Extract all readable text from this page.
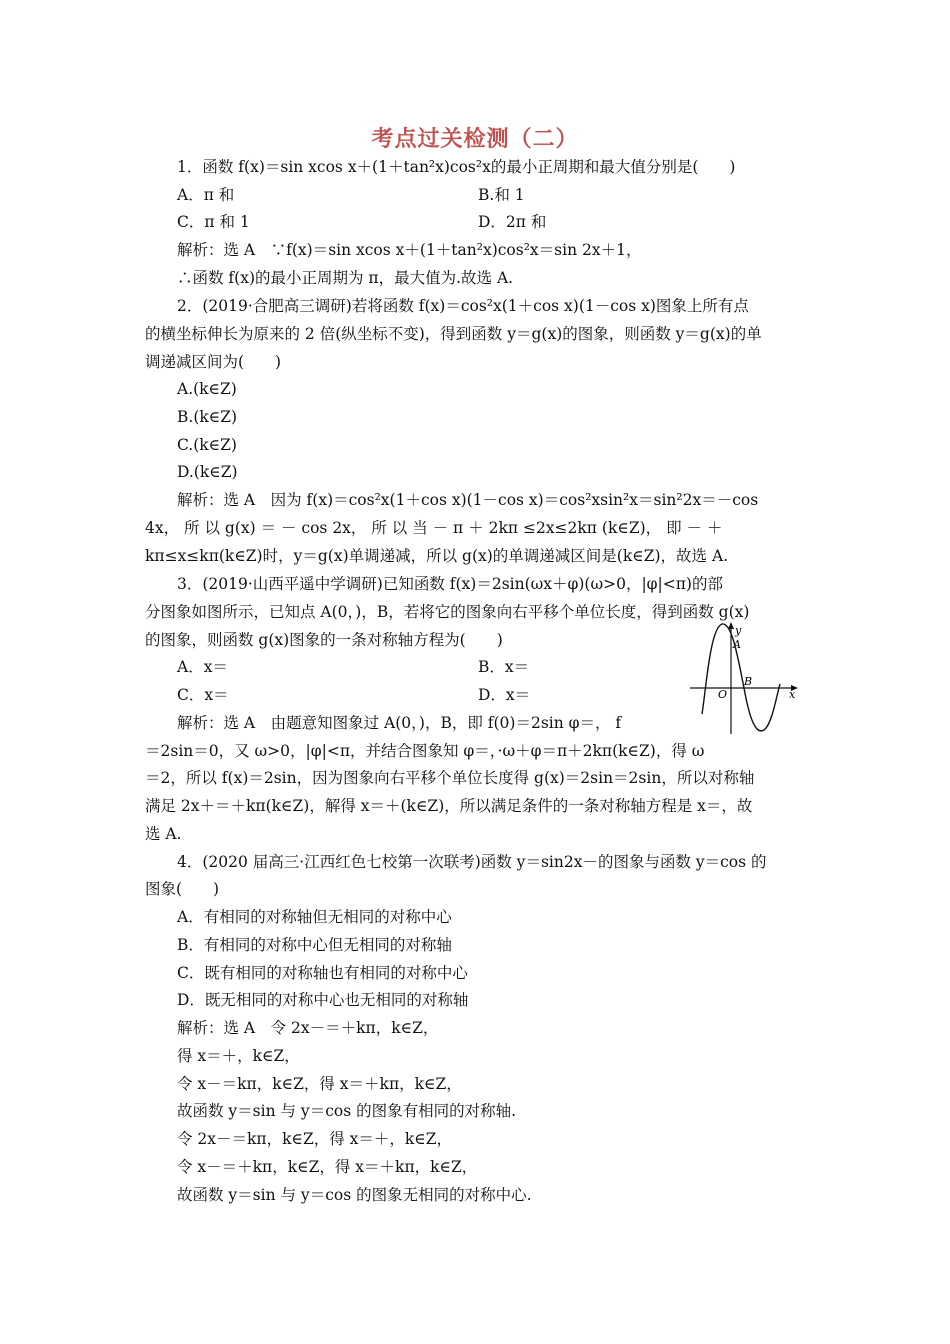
考点过关检测（二）
1．函数 f(x)＝sin xcos x＋(1＋tan²x)cos²x的最小正周期和最大值分别是(　　)
A．π 和	B.和 1
C．π 和 1	D．2π 和
解析：选 A　∵f(x)＝sin xcos x＋(1＋tan²x)cos²x＝sin 2x＋1，
∴函数 f(x)的最小正周期为 π，最大值为.故选 A.
2．(2019·合肥高三调研)若将函数 f(x)＝cos²x(1＋cos x)(1－cos x)图象上所有点
的横坐标伸长为原来的 2 倍(纵坐标不变)，得到函数 y＝g(x)的图象，则函数 y＝g(x)的单
调递减区间为(　　)
A.(k∈Z)
B.(k∈Z)
C.(k∈Z)
D.(k∈Z)
解析：选 A　因为 f(x)＝cos²x(1＋cos x)(1－cos x)＝cos²xsin²x＝sin²2x＝－cos
4x， 所 以 g(x) ＝ － cos 2x， 所 以 当 － π ＋ 2kπ ≤2x≤2kπ (k∈Z)， 即 － ＋
kπ≤x≤kπ(k∈Z)时，y＝g(x)单调递减，所以 g(x)的单调递减区间是(k∈Z)，故选 A.
3．(2019·山西平遥中学调研)已知函数 f(x)＝2sin(ωx＋φ)(ω>0，|φ|<π)的部
分图象如图所示，已知点 A(0，)，B，若将它的图象向右平移个单位长度，得到函数 g(x)
的图象，则函数 g(x)图象的一条对称轴方程为(　　)
A．x＝	B．x＝
C．x＝	D．x＝
解析：选 A　由题意知图象过 A(0，)，B，即 f(0)＝2sin φ＝， f
＝2sin＝0，又 ω>0，|φ|<π，并结合图象知 φ＝，·ω＋φ＝π＋2kπ(k∈Z)，得 ω
＝2，所以 f(x)＝2sin，因为图象向右平移个单位长度得 g(x)＝2sin＝2sin，所以对称轴
满足 2x＋＝＋kπ(k∈Z)，解得 x＝＋(k∈Z)，所以满足条件的一条对称轴方程是 x＝，故
选 A.
y
A
O
B
x
4．(2020 届高三·江西红色七校第一次联考)函数 y＝sin2x－的图象与函数 y＝cos 的
图象(　　)
A．有相同的对称轴但无相同的对称中心
B．有相同的对称中心但无相同的对称轴
C．既有相同的对称轴也有相同的对称中心
D．既无相同的对称中心也无相同的对称轴
解析：选 A　令 2x－＝＋kπ，k∈Z，
得 x＝＋，k∈Z，
令 x－＝kπ，k∈Z，得 x＝＋kπ，k∈Z，
故函数 y＝sin 与 y＝cos 的图象有相同的对称轴.
令 2x－＝kπ，k∈Z，得 x＝＋，k∈Z，
令 x－＝＋kπ，k∈Z，得 x＝＋kπ，k∈Z，
故函数 y＝sin 与 y＝cos 的图象无相同的对称中心.
